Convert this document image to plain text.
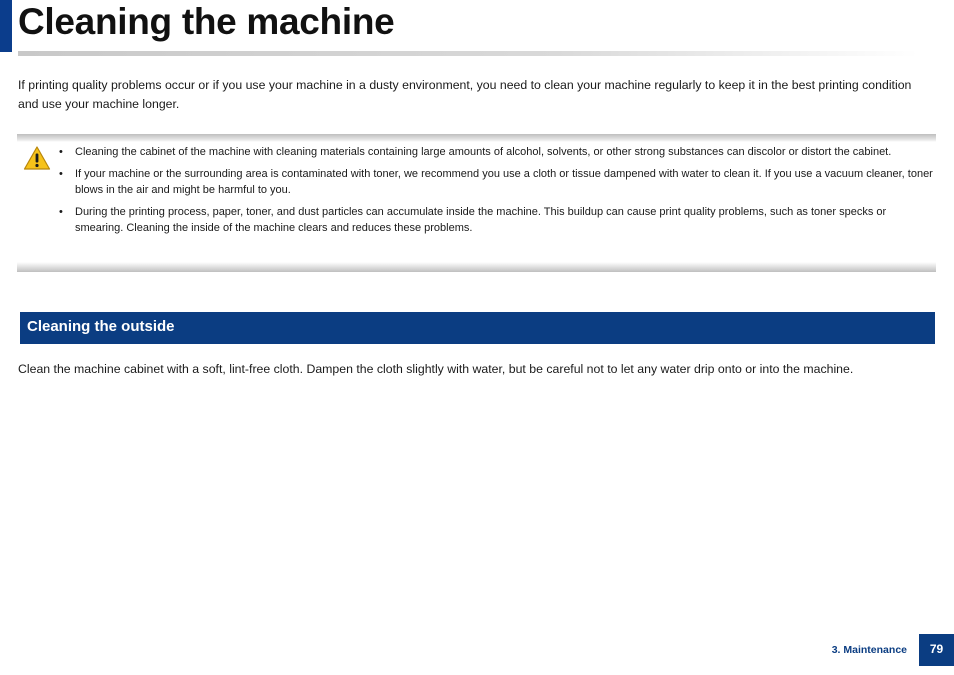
Cleaning the machine

If printing quality problems occur or if you use your machine in a dusty environment, you need to clean your machine regularly to keep it in the best printing condition and use your machine longer.

• Cleaning the cabinet of the machine with cleaning materials containing large amounts of alcohol, solvents, or other strong substances can discolor or distort the cabinet.
• If your machine or the surrounding area is contaminated with toner, we recommend you use a cloth or tissue dampened with water to clean it. If you use a vacuum cleaner, toner blows in the air and might be harmful to you.
• During the printing process, paper, toner, and dust particles can accumulate inside the machine. This buildup can cause print quality problems, such as toner specks or smearing. Cleaning the inside of the machine clears and reduces these problems.
Cleaning the outside

Clean the machine cabinet with a soft, lint-free cloth. Dampen the cloth slightly with water, but be careful not to let any water drip onto or into the machine.

3. Maintenance	79
